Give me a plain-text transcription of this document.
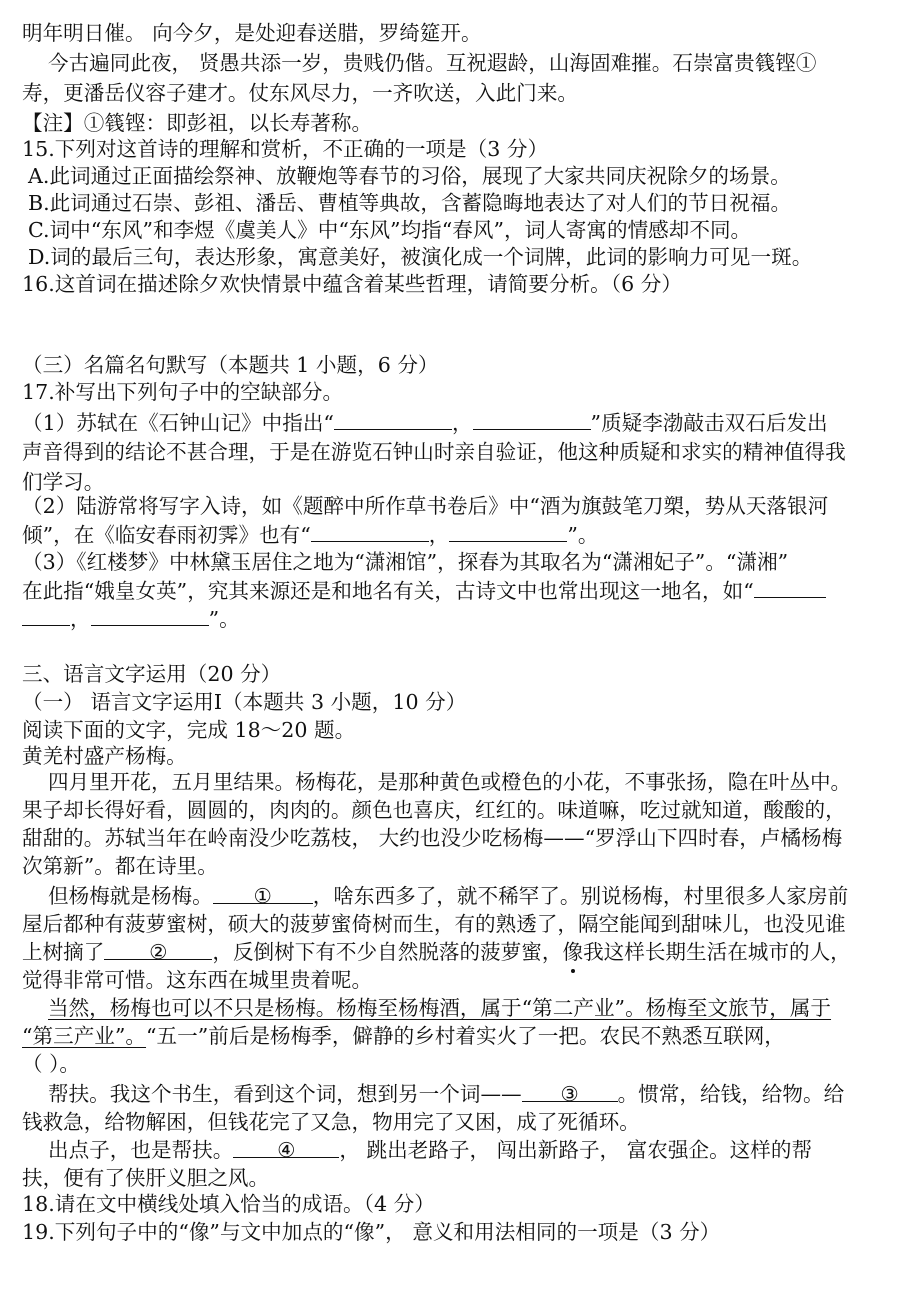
明年明日催。 向今夕，是处迎春送腊，罗绮筵开。
今古遍同此夜， 贤愚共添一岁，贵贱仍偕。互祝遐龄，山海固难摧。石崇富贵篯铿①
寿，更潘岳仪容子建才。仗东风尽力，一齐吹送，入此门来。
【注】①篯铿：即彭祖，以长寿著称。
15.下列对这首诗的理解和赏析，不正确的一项是（3 分）
A.此词通过正面描绘祭神、放鞭炮等春节的习俗，展现了大家共同庆祝除夕的场景。
B.此词通过石崇、彭祖、潘岳、曹植等典故，含蓄隐晦地表达了对人们的节日祝福。
C.词中“东风”和李煜《虞美人》中“东风”均指“春风”，词人寄寓的情感却不同。
D.词的最后三句，表达形象，寓意美好，被演化成一个词牌，此词的影响力可见一斑。
16.这首词在描述除夕欢快情景中蕴含着某些哲理，请简要分析。（6 分）
（三）名篇名句默写（本题共 1 小题，6 分）
17.补写出下列句子中的空缺部分。
（1）苏轼在《石钟山记》中指出“	，	”质疑李渤敲击双石后发出
声音得到的结论不甚合理，于是在游览石钟山时亲自验证，他这种质疑和求实的精神值得我
们学习。
（2）陆游常将写字入诗，如《题醉中所作草书卷后》中“酒为旗鼓笔刀槊，势从天落银河
倾”，在《临安春雨初霁》也有“	，	”。
（3）《红楼梦》中林黛玉居住之地为“潇湘馆”，探春为其取名为“潇湘妃子”。“潇湘”
在此指“娥皇女英”，究其来源还是和地名有关，古诗文中也常出现这一地名，如“
，	”。
三、语言文字运用（20 分）
（一） 语言文字运用Ⅰ（本题共 3 小题，10 分）
阅读下面的文字，完成 18～20 题。
黄羌村盛产杨梅。
四月里开花，五月里结果。杨梅花，是那种黄色或橙色的小花，不事张扬，隐在叶丛中。
果子却长得好看，圆圆的，肉肉的。颜色也喜庆，红红的。味道嘛，吃过就知道，酸酸的，
甜甜的。苏轼当年在岭南没少吃荔枝， 大约也没少吃杨梅——“罗浮山下四时春，卢橘杨梅
次第新”。都在诗里。
但杨梅就是杨梅。 ① ，啥东西多了，就不稀罕了。别说杨梅，村里很多人家房前
屋后都种有菠萝蜜树，硕大的菠萝蜜倚树而生，有的熟透了，隔空能闻到甜味儿，也没见谁
上树摘了 ② ，反倒树下有不少自然脱落的菠萝蜜，像我这样长期生活在城市的人，
觉得非常可惜。这东西在城里贵着呢。
当然，杨梅也可以不只是杨梅。杨梅至杨梅酒，属于“第二产业”。杨梅至文旅节，属于
“第三产业”。“五一”前后是杨梅季，僻静的乡村着实火了一把。农民不熟悉互联网，
（ ）。
帮扶。我这个书生，看到这个词，想到另一个词—— ③ 。惯常，给钱，给物。给
钱救急，给物解困，但钱花完了又急，物用完了又困，成了死循环。
出点子，也是帮扶。 ④ ， 跳出老路子， 闯出新路子， 富农强企。这样的帮
扶，便有了侠肝义胆之风。
18.请在文中横线处填入恰当的成语。（4 分）
19.下列句子中的“像”与文中加点的“像”， 意义和用法相同的一项是（3 分）
